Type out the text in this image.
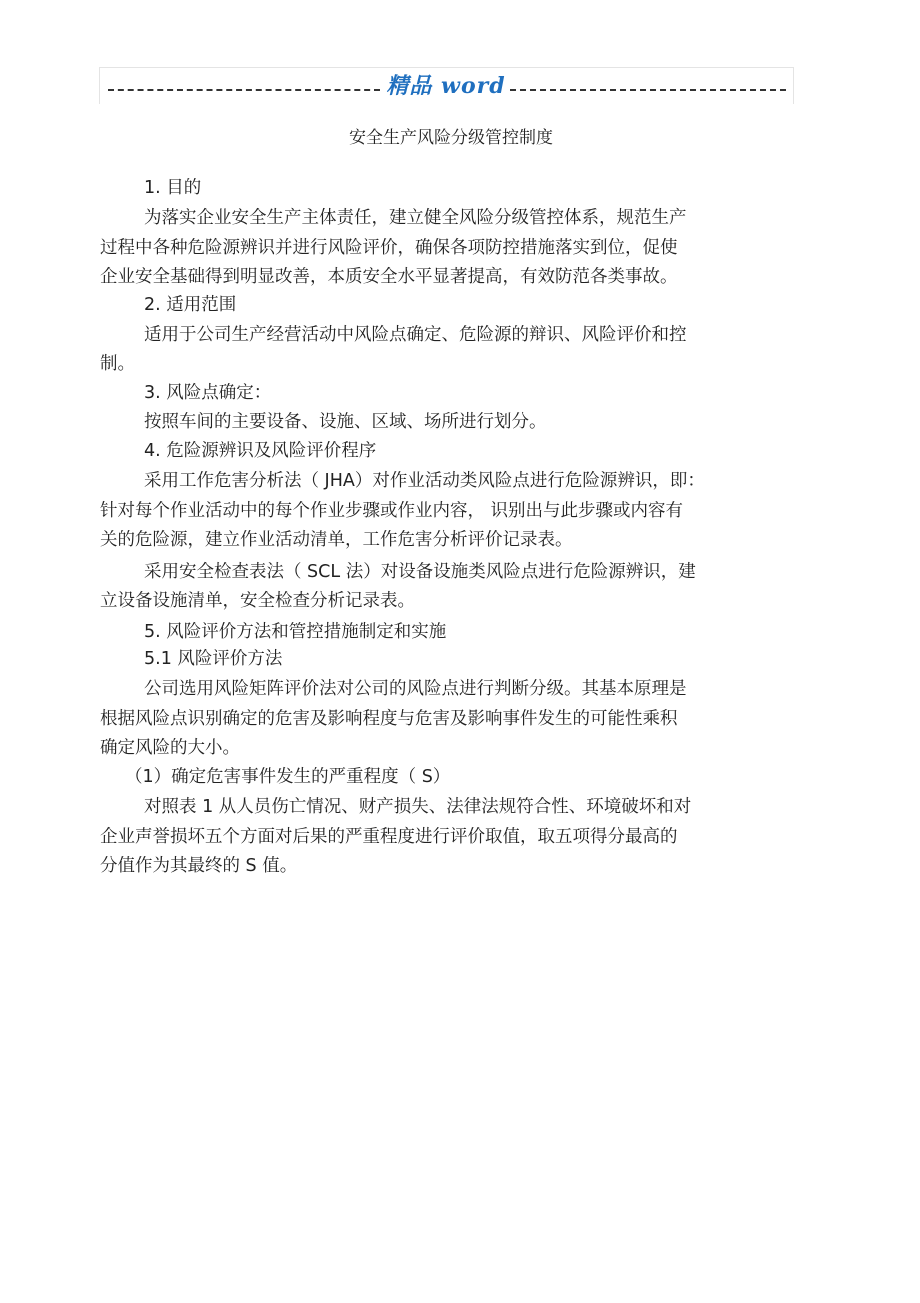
精品 word
安全生产风险分级管控制度
1. 目的
为落实企业安全生产主体责任，建立健全风险分级管控体系，规范生产
过程中各种危险源辨识并进行风险评价，确保各项防控措施落实到位，促使
企业安全基础得到明显改善，本质安全水平显著提高，有效防范各类事故。
2. 适用范围
适用于公司生产经营活动中风险点确定、危险源的辩识、风险评价和控
制。
3. 风险点确定：
按照车间的主要设备、设施、区域、场所进行划分。
4. 危险源辨识及风险评价程序
采用工作危害分析法（ JHA）对作业活动类风险点进行危险源辨识，即：
针对每个作业活动中的每个作业步骤或作业内容， 识别出与此步骤或内容有
关的危险源，建立作业活动清单，工作危害分析评价记录表。
采用安全检查表法（ SCL 法）对设备设施类风险点进行危险源辨识，建
立设备设施清单，安全检查分析记录表。
5. 风险评价方法和管控措施制定和实施
5.1 风险评价方法
公司选用风险矩阵评价法对公司的风险点进行判断分级。其基本原理是
根据风险点识别确定的危害及影响程度与危害及影响事件发生的可能性乘积
确定风险的大小。
（1）确定危害事件发生的严重程度（ S）
对照表 1 从人员伤亡情况、财产损失、法律法规符合性、环境破坏和对
企业声誉损坏五个方面对后果的严重程度进行评价取值，取五项得分最高的
分值作为其最终的 S 值。
